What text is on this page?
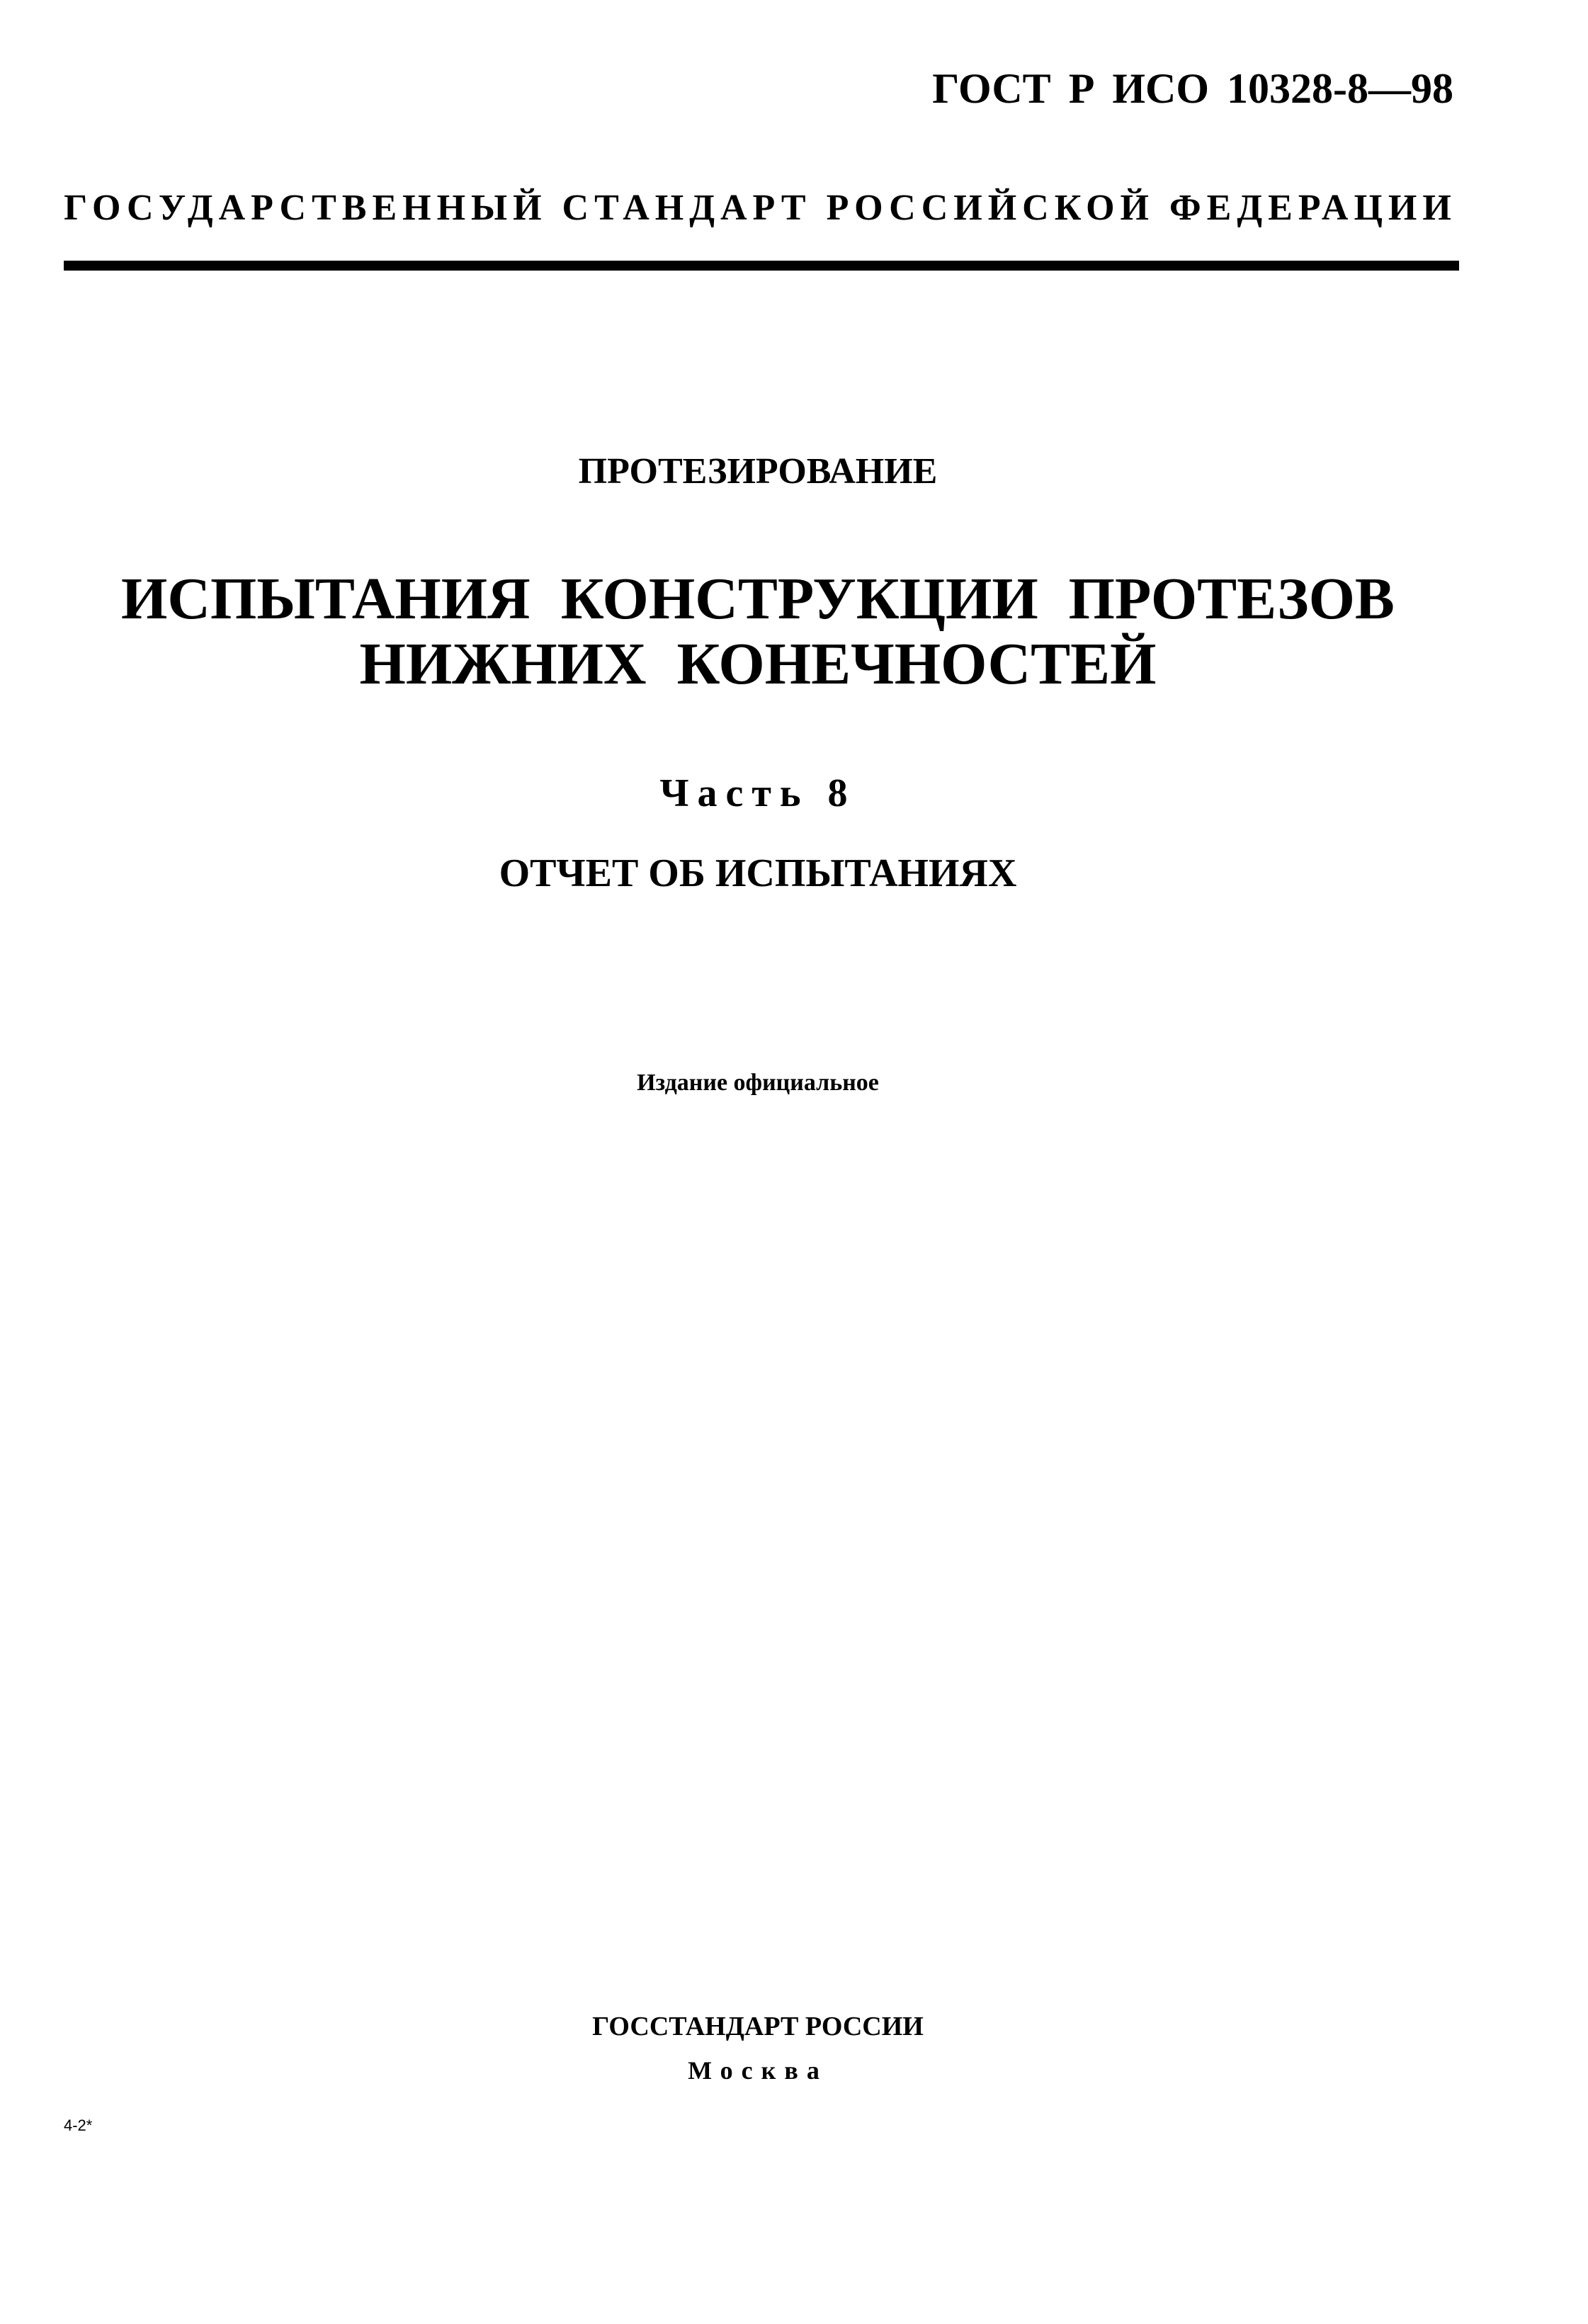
ГОСТ Р ИСО 10328-8—98
ГОСУДАРСТВЕННЫЙ СТАНДАРТ РОССИЙСКОЙ ФЕДЕРАЦИИ
ПРОТЕЗИРОВАНИЕ
ИСПЫТАНИЯ КОНСТРУКЦИИ ПРОТЕЗОВ
НИЖНИХ КОНЕЧНОСТЕЙ
Часть 8
ОТЧЕТ ОБ ИСПЫТАНИЯХ
Издание официальное
ГОССТАНДАРТ РОССИИ
Москва
4-2*
